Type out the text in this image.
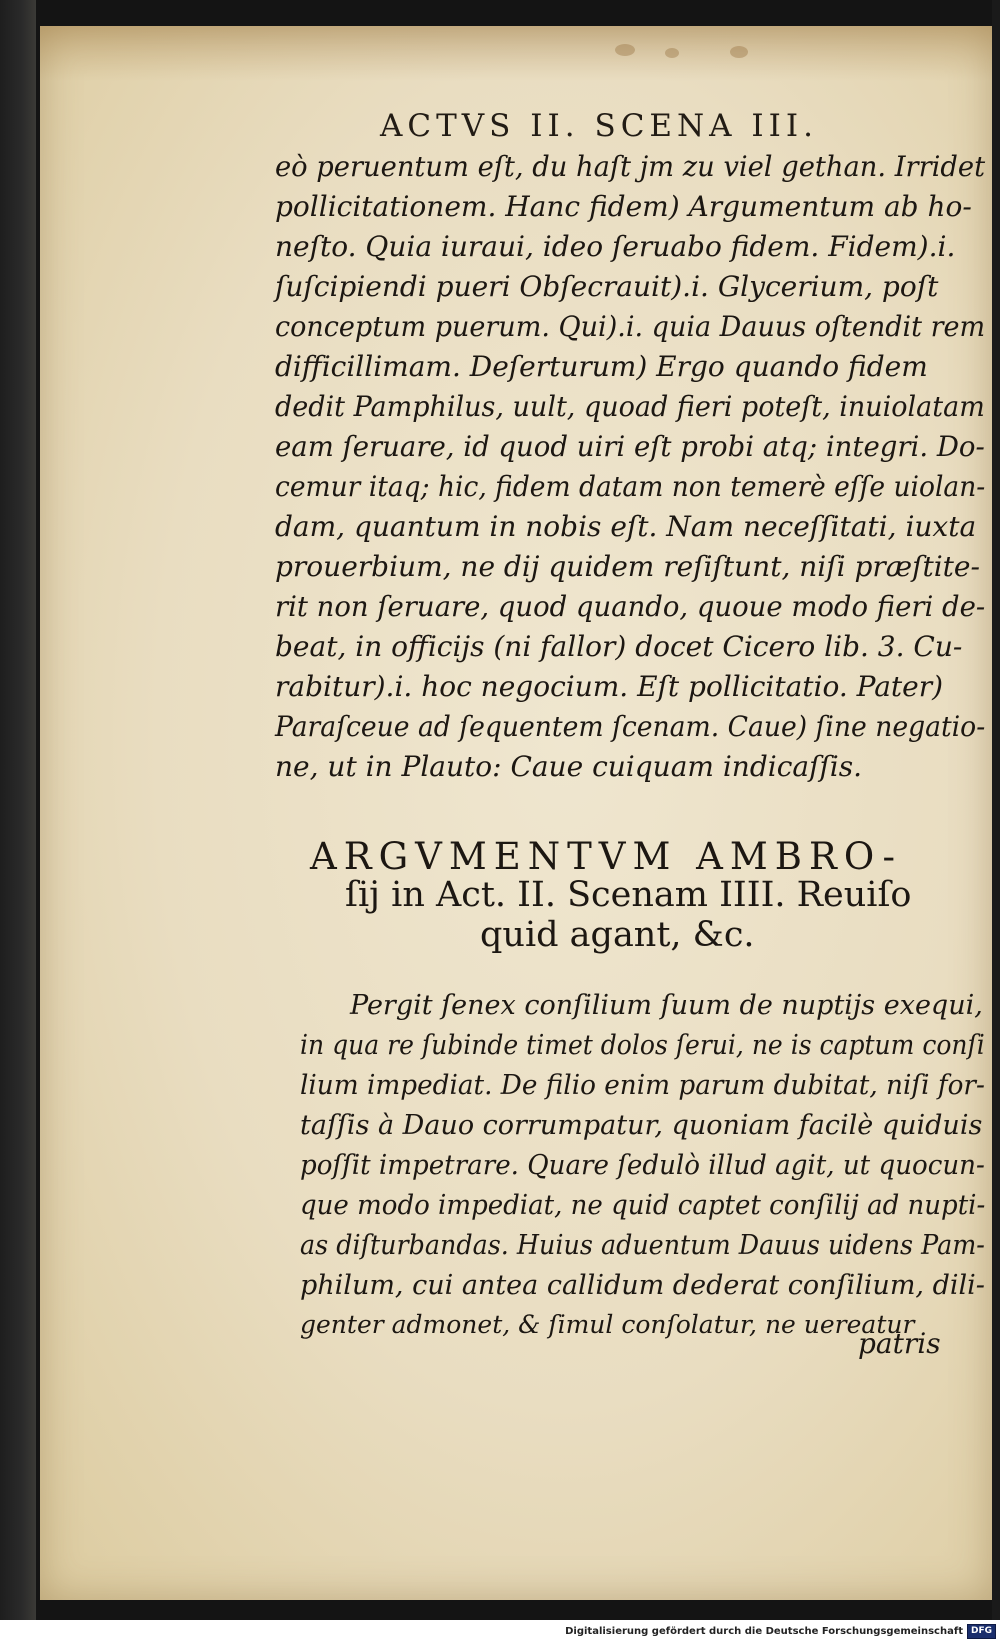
ACTVS II. SCENA III.

eò peruentum eſt, du haſt jm zu viel gethan. Irridet

pollicitationem. Hanc fidem) Argumentum ab ho-

neſto. Quia iuraui, ideo ſeruabo fidem. Fidem).i.

ſuſcipiendi pueri Obſecrauit).i. Glycerium, poſt

conceptum puerum. Qui).i. quia Dauus oſtendit rem

difficillimam. Deſerturum) Ergo quando fidem

dedit Pamphilus, uult, quoad fieri poteſt, inuiolatam

eam ſeruare, id quod uiri eſt probi atq; integri. Do-

cemur itaq; hic, fidem datam non temerè eſſe uiolan-

dam, quantum in nobis eſt. Nam neceſſitati, iuxta

prouerbium, ne dij quidem reſiſtunt, niſi præſtite-

rit non ſeruare, quod quando, quoue modo fieri de-

beat, in officijs (ni fallor) docet Cicero lib. 3. Cu-

rabitur).i. hoc negocium. Eſt pollicitatio. Pater)

Paraſceue ad ſequentem ſcenam. Caue) ſine negatio-

ne, ut in Plauto: Caue cuiquam indicaſſis.

ARGVMENTVM AMBRO-

ſij in Act. II. Scenam IIII. Reuiſo

quid agant, &c.

Pergit ſenex conſilium ſuum de nuptijs exequi,

in qua re ſubinde timet dolos ſerui, ne is captum conſi

lium impediat. De filio enim parum dubitat, niſi for-

taſſis à Dauo corrumpatur, quoniam facilè quiduis

poſſit impetrare. Quare ſedulò illud agit, ut quocun-

que modo impediat, ne quid captet conſilij ad nupti-

as diſturbandas. Huius aduentum Dauus uidens Pam-

philum, cui antea callidum dederat conſilium, dili-

genter admonet, & ſimul conſolatur, ne uereatur

patris

Digitalisierung gefördert durch die Deutsche Forschungsgemeinschaft DFG
